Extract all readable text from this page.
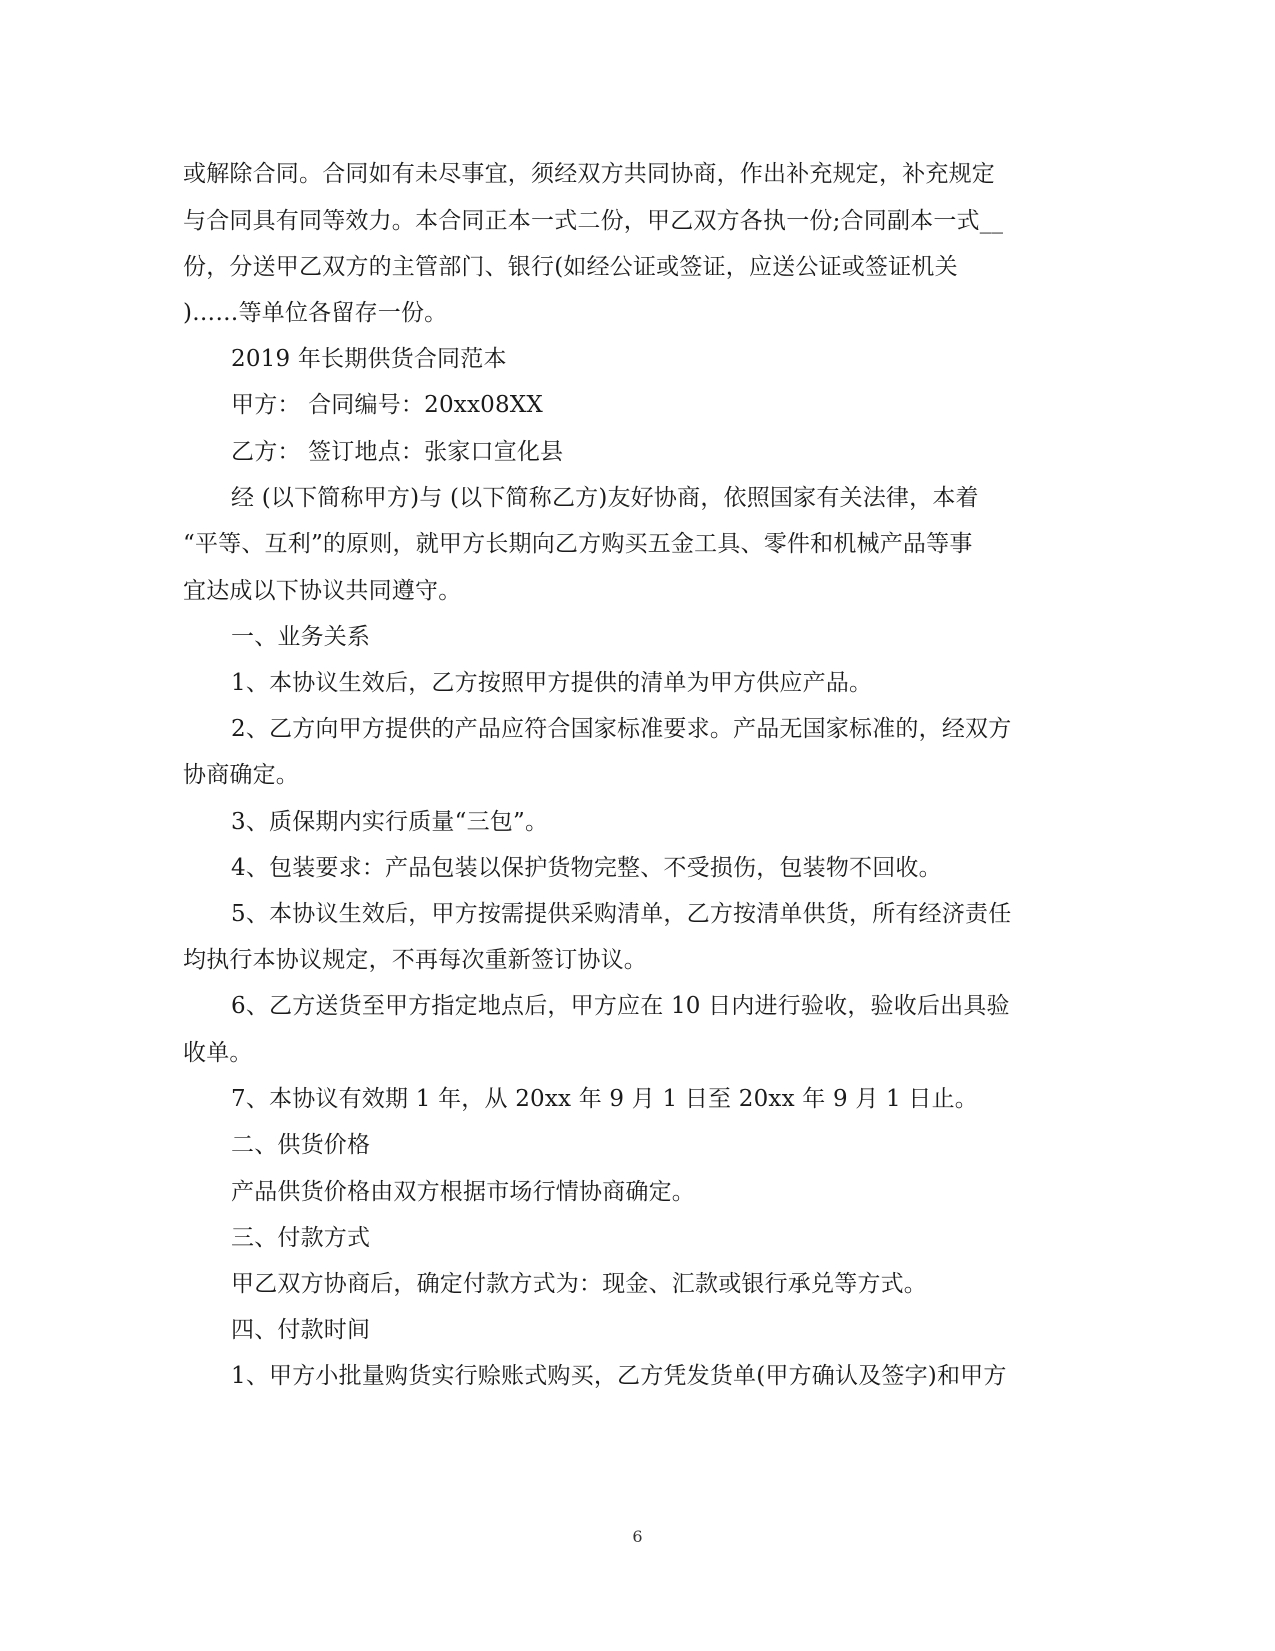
或解除合同。合同如有未尽事宜，须经双方共同协商，作出补充规定，补充规定
与合同具有同等效力。本合同正本一式二份，甲乙双方各执一份;合同副本一式__
份，分送甲乙双方的主管部门、银行(如经公证或签证，应送公证或签证机关
)……等单位各留存一份。
2019 年长期供货合同范本
甲方： 合同编号：20xx08XX
乙方： 签订地点：张家口宣化县
经 (以下简称甲方)与 (以下简称乙方)友好协商，依照国家有关法律，本着
“平等、互利”的原则，就甲方长期向乙方购买五金工具、零件和机械产品等事
宜达成以下协议共同遵守。
一、业务关系
1、本协议生效后，乙方按照甲方提供的清单为甲方供应产品。
2、乙方向甲方提供的产品应符合国家标准要求。产品无国家标准的，经双方
协商确定。
3、质保期内实行质量“三包”。
4、包装要求：产品包装以保护货物完整、不受损伤，包装物不回收。
5、本协议生效后，甲方按需提供采购清单，乙方按清单供货，所有经济责任
均执行本协议规定，不再每次重新签订协议。
6、乙方送货至甲方指定地点后，甲方应在 10 日内进行验收，验收后出具验
收单。
7、本协议有效期 1 年，从 20xx 年 9 月 1 日至 20xx 年 9 月 1 日止。
二、供货价格
产品供货价格由双方根据市场行情协商确定。
三、付款方式
甲乙双方协商后，确定付款方式为：现金、汇款或银行承兑等方式。
四、付款时间
1、甲方小批量购货实行赊账式购买，乙方凭发货单(甲方确认及签字)和甲方
6
